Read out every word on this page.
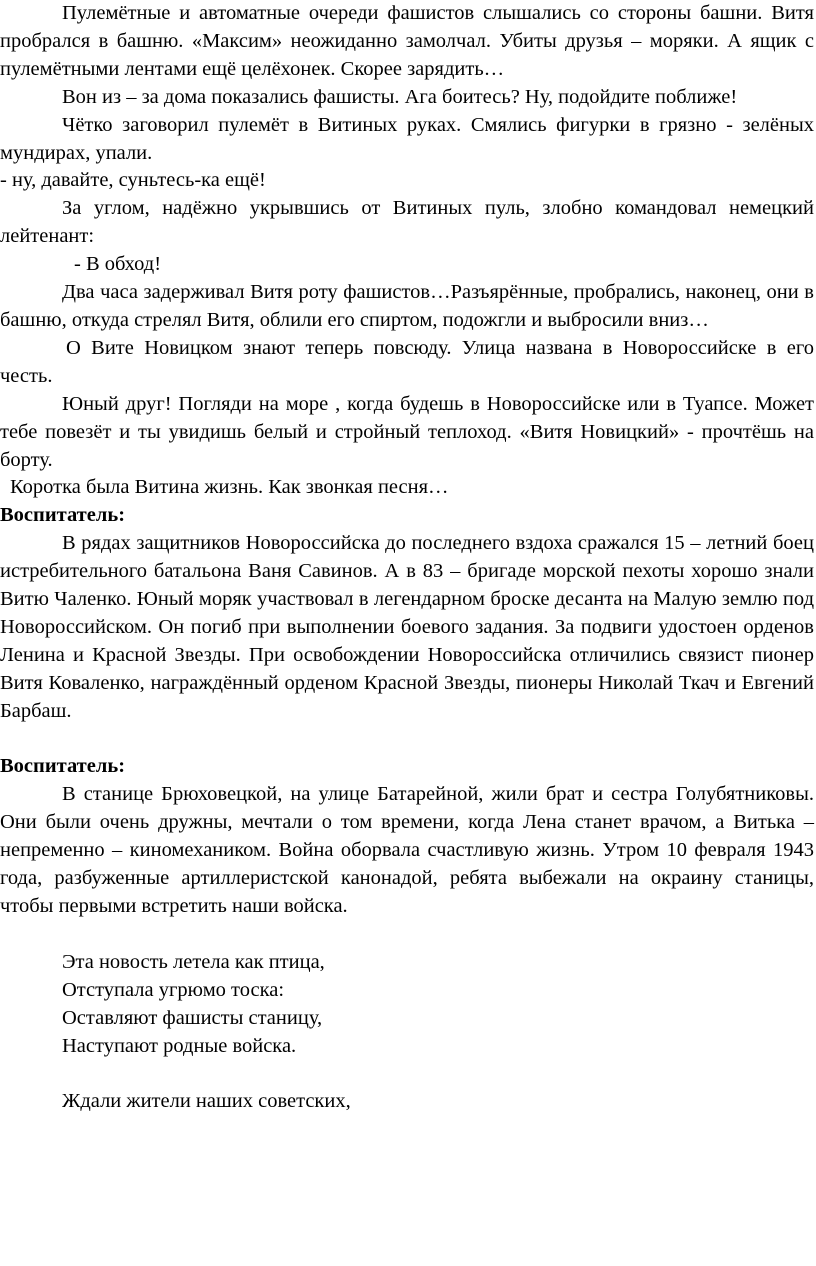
Пулемётные и автоматные очереди фашистов слышались со стороны башни. Витя пробрался в башню. «Максим» неожиданно замолчал. Убиты друзья – моряки. А ящик с пулемётными лентами ещё целёхонек. Скорее зарядить…

Вон из – за дома показались фашисты. Ага боитесь? Ну, подойдите поближе!

Чётко заговорил пулемёт в Витиных руках. Смялись фигурки в грязно - зелёных мундирах, упали.

- ну, давайте, суньтесь-ка ещё!

За углом, надёжно укрывшись от Витиных пуль, злобно командовал немецкий лейтенант:

- В обход!

Два часа задерживал Витя роту фашистов…Разъярённые, пробрались, наконец, они в башню, откуда стрелял Витя, облили его спиртом, подожгли и выбросили вниз…

О Вите Новицком знают теперь повсюду. Улица названа в Новороссийске в его честь.

Юный друг! Погляди на море , когда будешь в Новороссийске или в Туапсе. Может тебе повезёт и ты увидишь белый и стройный теплоход. «Витя Новицкий» - прочтёшь на борту.

Коротка была Витина жизнь. Как звонкая песня…

Воспитатель:

В рядах защитников Новороссийска до последнего вздоха сражался 15 – летний боец истребительного батальона Ваня Савинов. А в 83 – бригаде морской пехоты хорошо знали Витю Чаленко. Юный моряк участвовал в легендарном броске десанта на Малую землю под Новороссийском. Он погиб при выполнении боевого задания. За подвиги удостоен орденов Ленина и Красной Звезды. При освобождении Новороссийска отличились связист пионер Витя Коваленко, награждённый орденом Красной Звезды, пионеры Николай Ткач и Евгений Барбаш.

Воспитатель:

В станице Брюховецкой, на улице Батарейной, жили брат и сестра Голубятниковы. Они были очень дружны, мечтали о том времени, когда Лена станет врачом, а Витька – непременно – киномехаником. Война оборвала счастливую жизнь. Утром 10 февраля 1943 года, разбуженные артиллеристской канонадой, ребята выбежали на окраину станицы, чтобы первыми встретить наши войска.

Эта новость летела как птица,

Отступала угрюмо тоска:

Оставляют фашисты станицу,

Наступают родные войска.

Ждали жители наших советских,
